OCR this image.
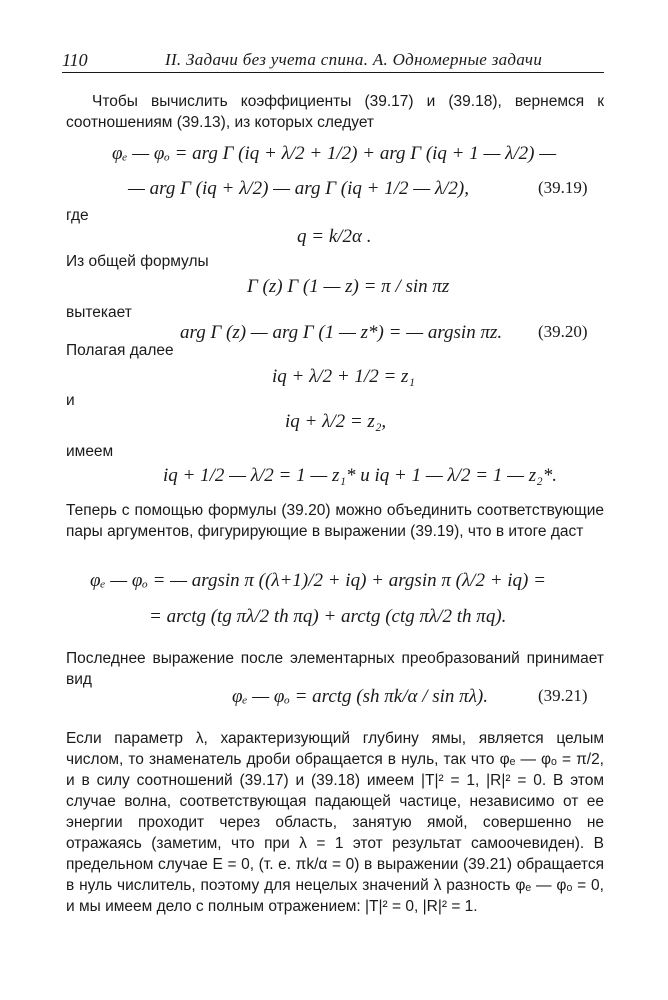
110	II. Задачи без учета спина. А. Одномерные задачи
Чтобы вычислить коэффициенты (39.17) и (39.18), вернемся к соотношениям (39.13), из которых следует
φₑ — φₒ = arg Γ (iq + λ/2 + 1/2) + arg Γ (iq + 1 — λ/2) —
— arg Γ (iq + λ/2) — arg Γ (iq + 1/2 — λ/2),	(39.19)
где
q = k/2α .
Из общей формулы
Γ (z) Γ (1 — z) = π / sin πz
вытекает
arg Γ (z) — arg Γ (1 — z*) = — argsin πz. (39.20)
Полагая далее
iq + λ/2 + 1/2 = z₁
и
iq + λ/2 = z₂,
имеем
iq + 1/2 — λ/2 = 1 — z₁* и iq + 1 — λ/2 = 1 — z₂*.
Теперь с помощью формулы (39.20) можно объединить соответствующие пары аргументов, фигурирующие в выражении (39.19), что в итоге даст
φₑ — φₒ = — argsin π ((λ+1)/2 + iq) + argsin π (λ/2 + iq) =
= arctg (tg πλ/2 th πq) + arctg (ctg πλ/2 th πq).
Последнее выражение после элементарных преобразований принимает вид
φₑ — φₒ = arctg (sh πk/α / sin πλ).	(39.21)
Если параметр λ, характеризующий глубину ямы, является целым числом, то знаменатель дроби обращается в нуль, так что φₑ — φₒ = π/2, и в силу соотношений (39.17) и (39.18) имеем |T|² = 1, |R|² = 0. В этом случае волна, соответствующая падающей частице, независимо от ее энергии проходит через область, занятую ямой, совершенно не отражаясь (заметим, что при λ = 1 этот результат самоочевиден). В предельном случае E = 0, (т. е. πk/α = 0) в выражении (39.21) обращается в нуль числитель, поэтому для нецелых значений λ разность φₑ — φₒ = 0, и мы имеем дело с полным отражением: |T|² = 0, |R|² = 1.
